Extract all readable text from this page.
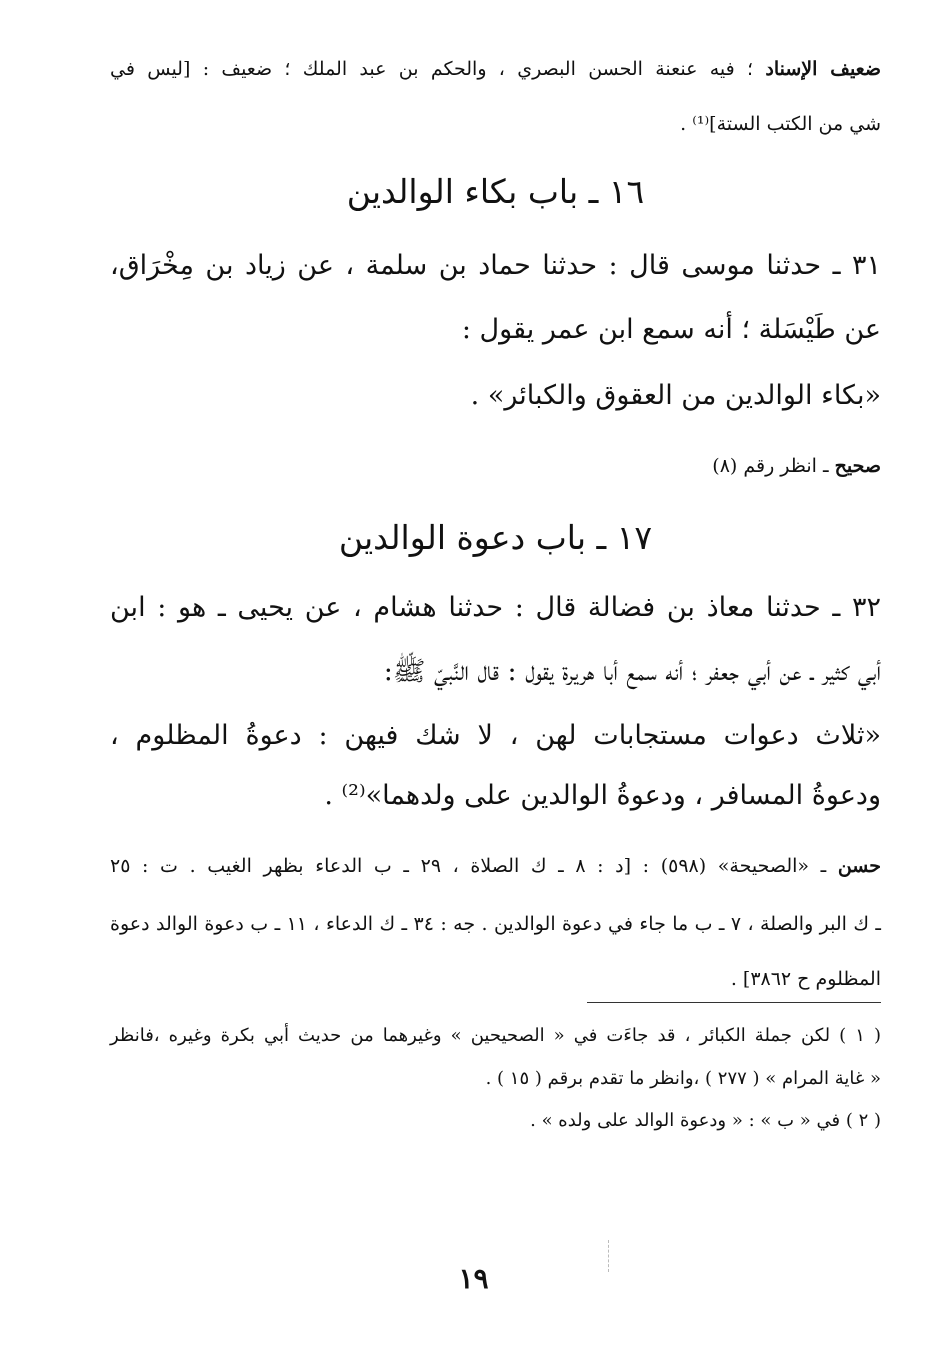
ضعيف الإسناد ؛ فيه عنعنة الحسن البصري ، والحكم بن عبد الملك ؛ ضعيف : [ليس في

شي من الكتب الستة]⁽¹⁾ .

١٦ ـ باب بكاء الوالدين

٣١ ـ حدثنا موسى قال : حدثنا حماد بن سلمة ، عن زياد بن مِخْرَاق،

عن طَيْسَلة ؛ أنه سمع ابن عمر يقول :

«بكاء الوالدين من العقوق والكبائر» .

صحيح ـ انظر رقم (٨)

١٧ ـ باب دعوة الوالدين

٣٢ ـ حدثنا معاذ بن فضالة قال : حدثنا هشام ، عن يحيى ـ هو : ابن

أبي كثير ـ عن أبي جعفر ؛ أنه سمع أبا هريرة يقول : قال النَّبيّ ﷺ:

«ثلاث دعوات مستجابات لهن ، لا شك فيهن : دعوةُ المظلوم ،

ودعوةُ المسافر ، ودعوةُ الوالدين على ولدهما»⁽²⁾ .

حسن ـ «الصحيحة» (٥٩٨) : [د : ٨ ـ ك الصلاة ، ٢٩ ـ ب الدعاء بظهر الغيب . ت : ٢٥

ـ ك البر والصلة ، ٧ ـ ب ما جاء في دعوة الوالدين . جه : ٣٤ ـ ك الدعاء ، ١١ ـ ب دعوة الوالد دعوة

المظلوم ح ٣٨٦٢] .

( ١ ) لكن جملة الكبائر ، قد جاءَت في « الصحيحين » وغيرهما من حديث أبي بكرة وغيره ،فانظر

« غاية المرام » ( ٢٧٧ ) ،وانظر ما تقدم برقم ( ١٥ ) .

( ٢ ) في « ب » : « ودعوة الوالد على ولده » .

١٩
